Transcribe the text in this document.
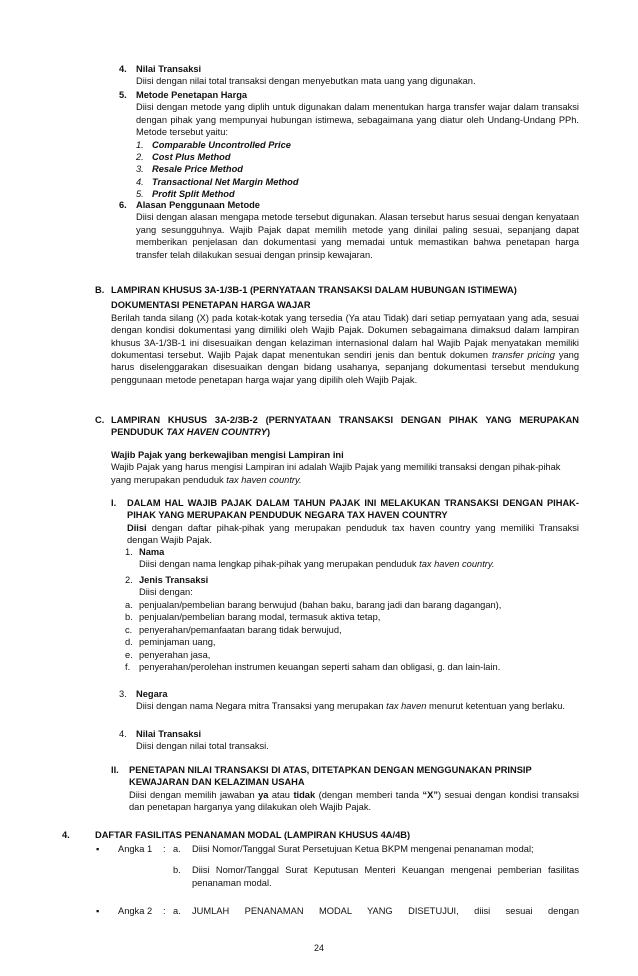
4. Nilai Transaksi

Diisi dengan nilai total transaksi dengan menyebutkan mata uang yang digunakan.

5. Metode Penetapan Harga

Diisi dengan metode yang diplih untuk digunakan dalam menentukan harga transfer wajar dalam transaksi dengan pihak yang mempunyai hubungan istimewa, sebagaimana yang diatur oleh Undang-Undang PPh. Metode tersebut yaitu:

1. Comparable Uncontrolled Price
2. Cost Plus Method
3. Resale Price Method
4. Transactional Net Margin Method
5. Profit Split Method
6. Alasan Penggunaan Metode

Diisi dengan alasan mengapa metode tersebut digunakan. Alasan tersebut harus sesuai dengan kenyataan yang sesungguhnya. Wajib Pajak dapat memilih metode yang dinilai paling sesuai, sepanjang dapat memberikan penjelasan dan dokumentasi yang memadai untuk memastikan bahwa penetapan harga transfer telah dilakukan sesuai dengan prinsip kewajaran.

B. LAMPIRAN KHUSUS 3A-1/3B-1 (PERNYATAAN TRANSAKSI DALAM HUBUNGAN ISTIMEWA)

DOKUMENTASI PENETAPAN HARGA WAJAR

Berilah tanda silang (X) pada kotak-kotak yang tersedia (Ya atau Tidak) dari setiap pernyataan yang ada, sesuai dengan kondisi dokumentasi yang dimiliki oleh Wajib Pajak. Dokumen sebagaimana dimaksud dalam lampiran khusus 3A-1/3B-1 ini disesuaikan dengan kelaziman internasional dalam hal Wajib Pajak menyatakan memiliki dokumentasi tersebut. Wajib Pajak dapat menentukan sendiri jenis dan bentuk dokumen transfer pricing yang harus diselenggarakan disesuaikan dengan bidang usahanya, sepanjang dokumentasi tersebut mendukung penggunaan metode penetapan harga wajar yang dipilih oleh Wajib Pajak.

C. LAMPIRAN KHUSUS 3A-2/3B-2 (PERNYATAAN TRANSAKSI DENGAN PIHAK YANG MERUPAKAN PENDUDUK TAX HAVEN COUNTRY)

Wajib Pajak yang berkewajiban mengisi Lampiran ini

Wajib Pajak yang harus mengisi Lampiran ini adalah Wajib Pajak yang memiliki transaksi dengan pihak-pihak yang merupakan penduduk tax haven country.

I.	DALAM HAL WAJIB PAJAK DALAM TAHUN PAJAK INI MELAKUKAN TRANSAKSI DENGAN PIHAK-PIHAK YANG MERUPAKAN PENDUDUK NEGARA TAX HAVEN COUNTRY

Diisi dengan daftar pihak-pihak yang merupakan penduduk tax haven country yang memiliki Transaksi dengan Wajib Pajak.

1. Nama

Diisi dengan nama lengkap pihak-pihak yang merupakan penduduk tax haven country.

2. Jenis Transaksi

Diisi dengan:

a. penjualan/pembelian barang berwujud (bahan baku, barang jadi dan barang dagangan),
b. penjualan/pembelian barang modal, termasuk aktiva tetap,
c. penyerahan/pemanfaatan barang tidak berwujud,
d. peminjaman uang,
e. penyerahan jasa,
f. penyerahan/perolehan instrumen keuangan seperti saham dan obligasi, g. dan lain-lain.
3. Negara

Diisi dengan nama Negara mitra Transaksi yang merupakan tax haven menurut ketentuan yang berlaku.

4. Nilai Transaksi

Diisi dengan nilai total transaksi.

II.	PENETAPAN NILAI TRANSAKSI DI ATAS, DITETAPKAN DENGAN MENGGUNAKAN PRINSIP KEWAJARAN DAN KELAZIMAN USAHA

Diisi dengan memilih jawaban ya atau tidak (dengan memberi tanda “X”) sesuai dengan kondisi transaksi dan penetapan harganya yang dilakukan oleh Wajib Pajak.

4.	DAFTAR FASILITAS PENANAMAN MODAL (LAMPIRAN KHUSUS 4A/4B)

▪	Angka 1	: a.	Diisi Nomor/Tanggal Surat Persetujuan Ketua BKPM mengenai penanaman modal;
b.	Diisi Nomor/Tanggal Surat Keputusan Menteri Keuangan mengenai pemberian fasilitas penanaman modal.
▪	Angka 2	: a.	JUMLAH PENANAMAN MODAL YANG DISETUJUI, diisi sesuai dengan
24
